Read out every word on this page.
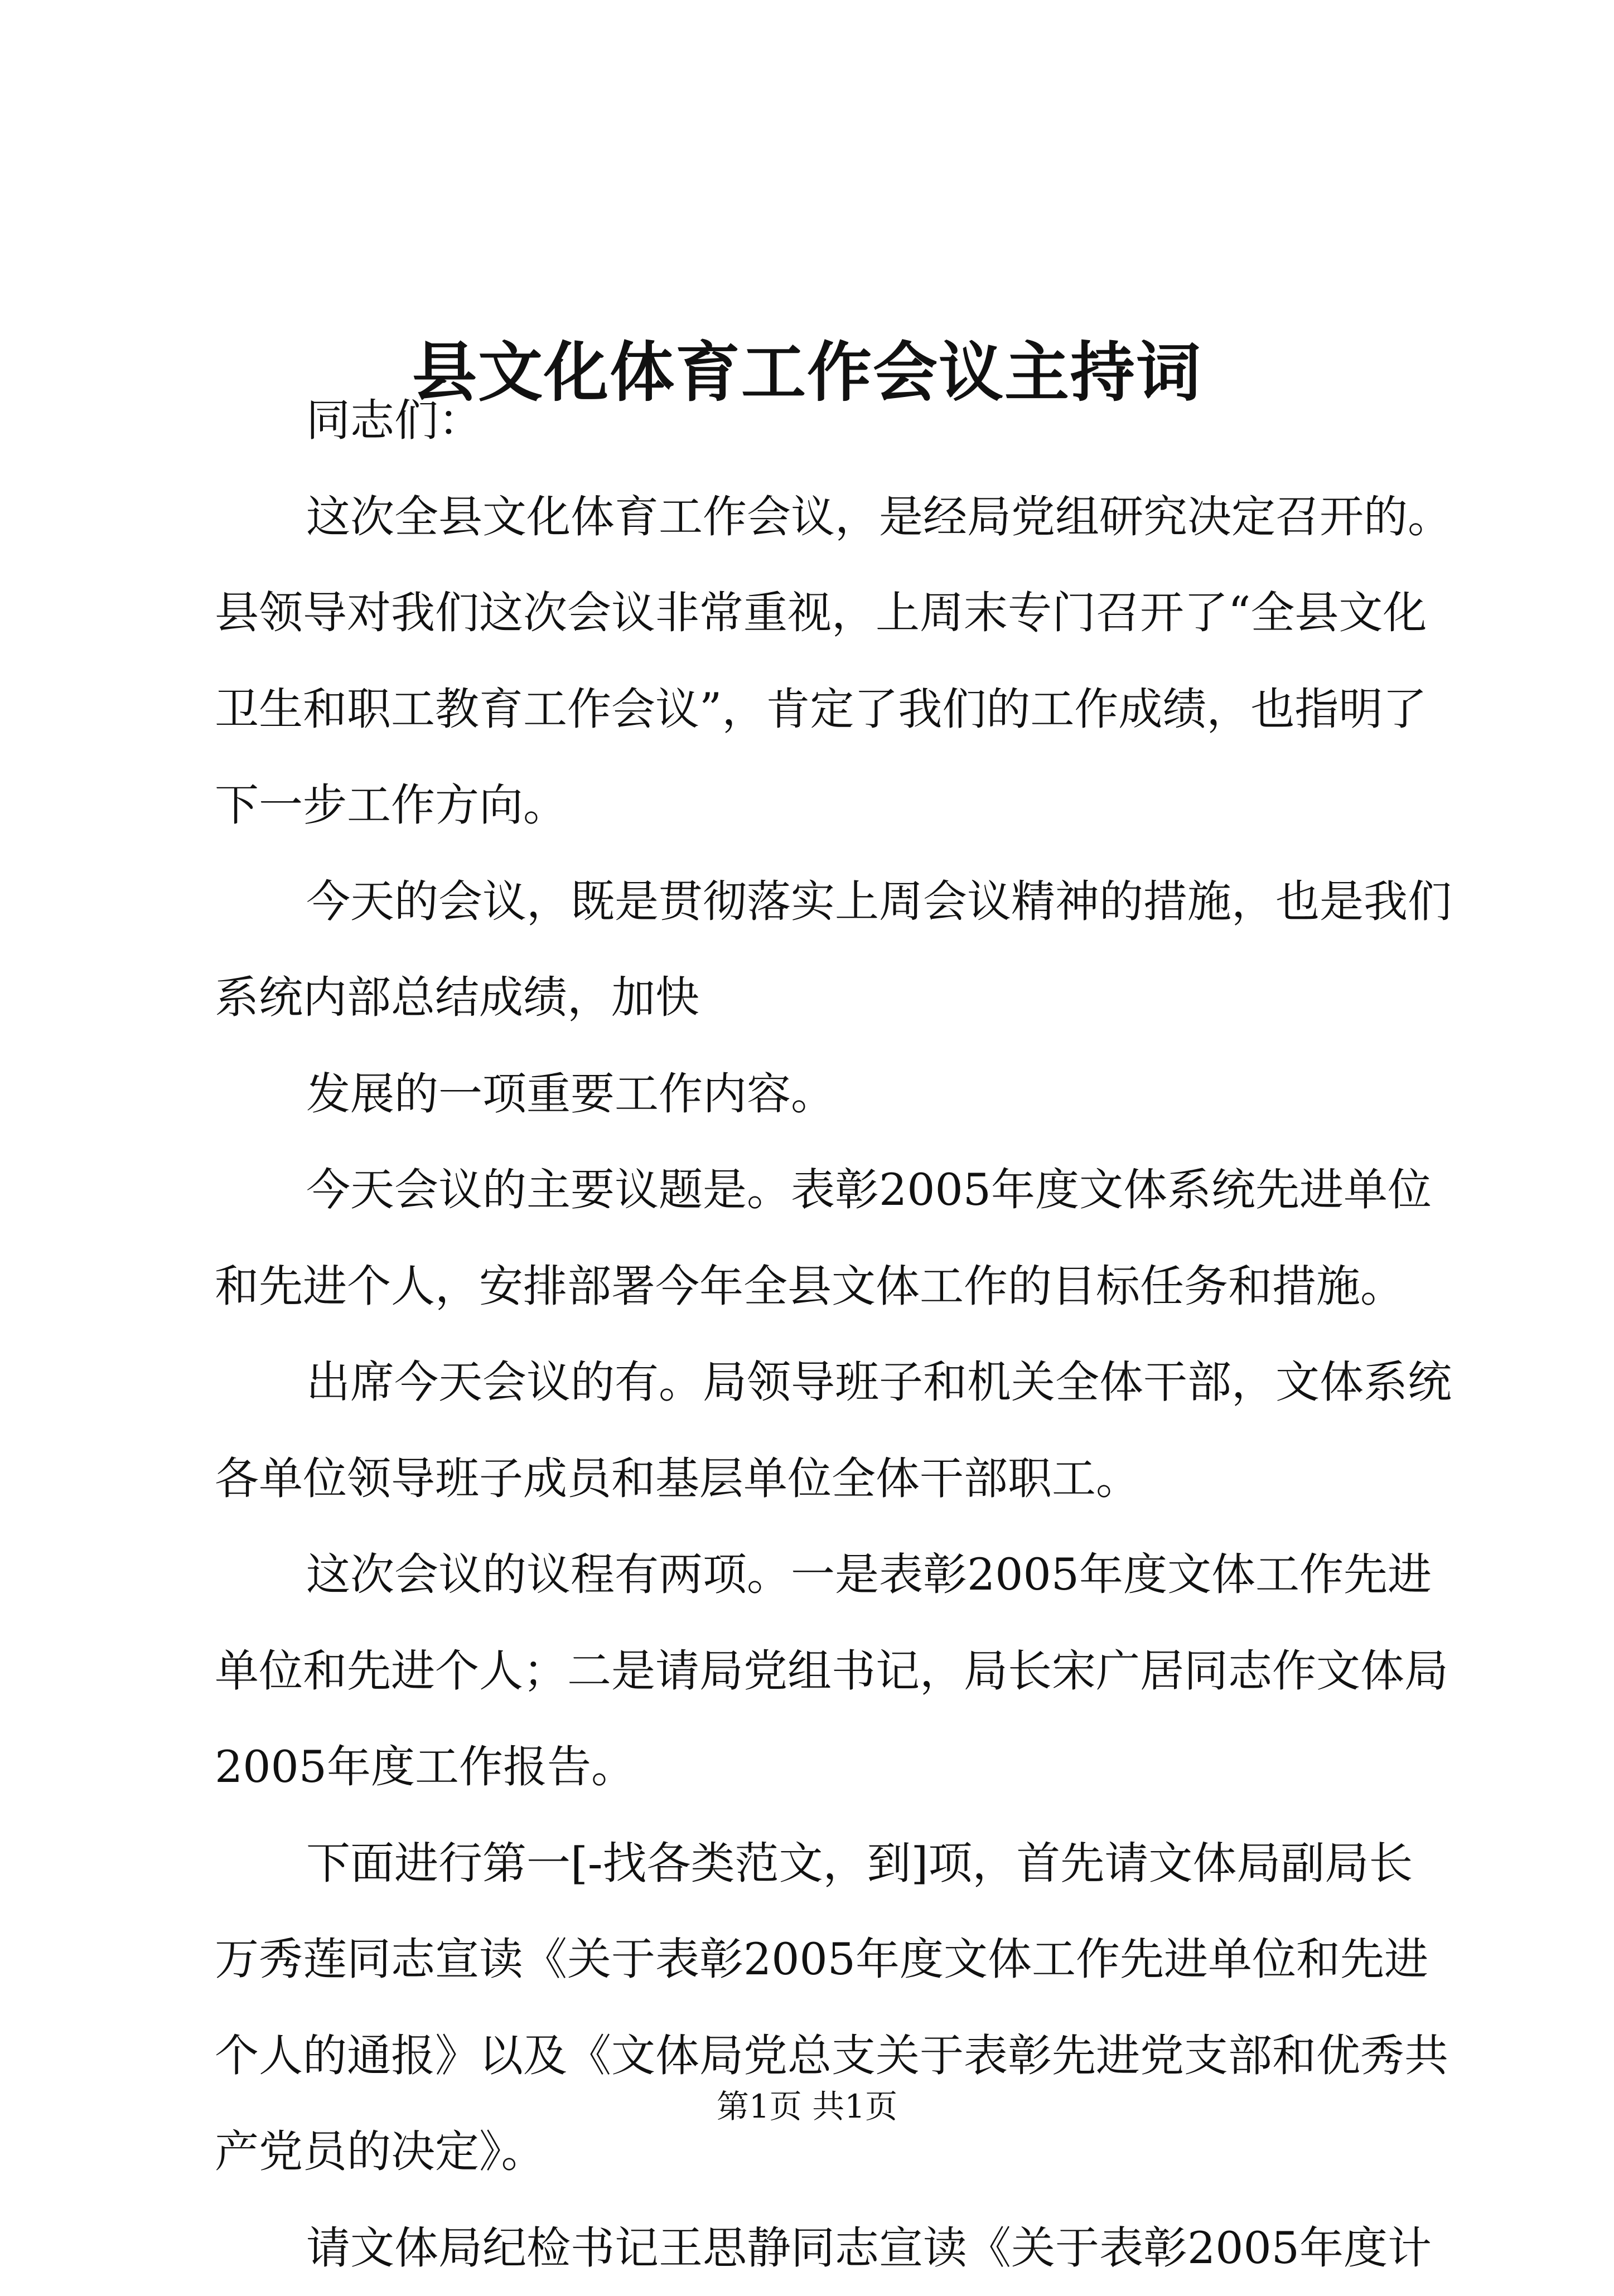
县文化体育工作会议主持词

同志们：

这次全县文化体育工作会议，是经局党组研究决定召开的。
县领导对我们这次会议非常重视，上周末专门召开了“全县文化
卫生和职工教育工作会议”，肯定了我们的工作成绩，也指明了
下一步工作方向。

今天的会议，既是贯彻落实上周会议精神的措施，也是我们
系统内部总结成绩，加快

发展的一项重要工作内容。

今天会议的主要议题是。表彰2005年度文体系统先进单位
和先进个人，安排部署今年全县文体工作的目标任务和措施。

出席今天会议的有。局领导班子和机关全体干部，文体系统
各单位领导班子成员和基层单位全体干部职工。

这次会议的议程有两项。一是表彰2005年度文体工作先进
单位和先进个人；二是请局党组书记，局长宋广居同志作文体局
2005年度工作报告。

下面进行第一[-找各类范文，到]项，首先请文体局副局长
万秀莲同志宣读《关于表彰2005年度文体工作先进单位和先进
个人的通报》以及《文体局党总支关于表彰先进党支部和优秀共
产党员的决定》。

请文体局纪检书记王思静同志宣读《关于表彰2005年度计

第1页 共1页
